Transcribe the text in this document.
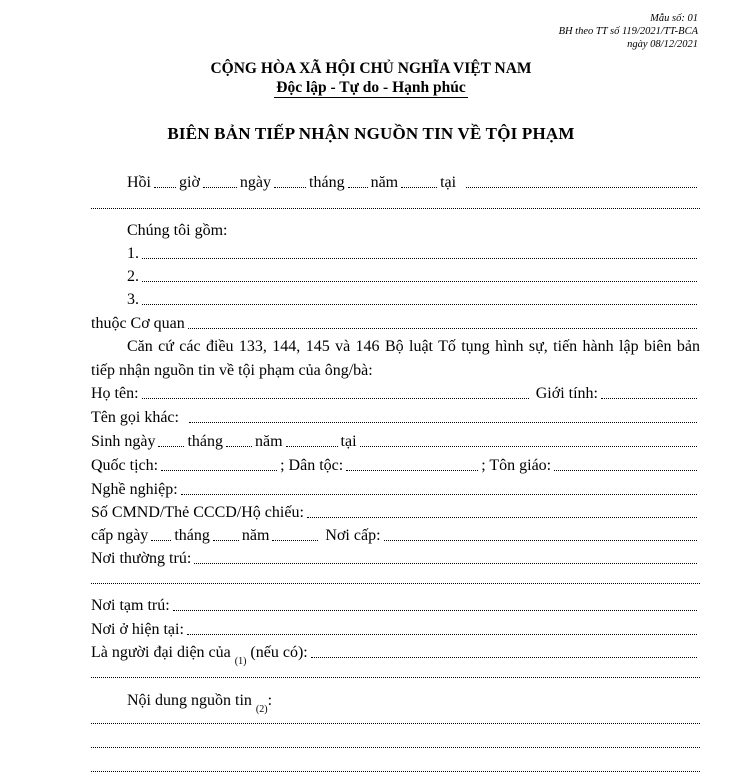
Mẫu số: 01
BH theo TT số 119/2021/TT-BCA
ngày 08/12/2021
CỘNG HÒA XÃ HỘI CHỦ NGHĨA VIỆT NAM
Độc lập - Tự do - Hạnh phúc
BIÊN BẢN TIẾP NHẬN NGUỒN TIN VỀ TỘI PHẠM
Hồi giờ	ngày tháng năm	tại
Chúng tôi gồm:
1.
2.
3.
thuộc Cơ quan
Căn cứ các điều 133, 144, 145 và 146 Bộ luật Tố tụng hình sự, tiến hành lập biên bản tiếp nhận nguồn tin về tội phạm của ông/bà:
Họ tên:	Giới tính:
Tên gọi khác:
Sinh ngày tháng năm	tại
Quốc tịch:	; Dân tộc:	; Tôn giáo:
Nghề nghiệp:
Số CMND/Thẻ CCCD/Hộ chiếu:
cấp ngày tháng năm	Nơi cấp:
Nơi thường trú:
Nơi tạm trú:
Nơi ở hiện tại:
Là người đại diện của
(1)
(nếu có):
Nội dung nguồn tin
(2)
:
